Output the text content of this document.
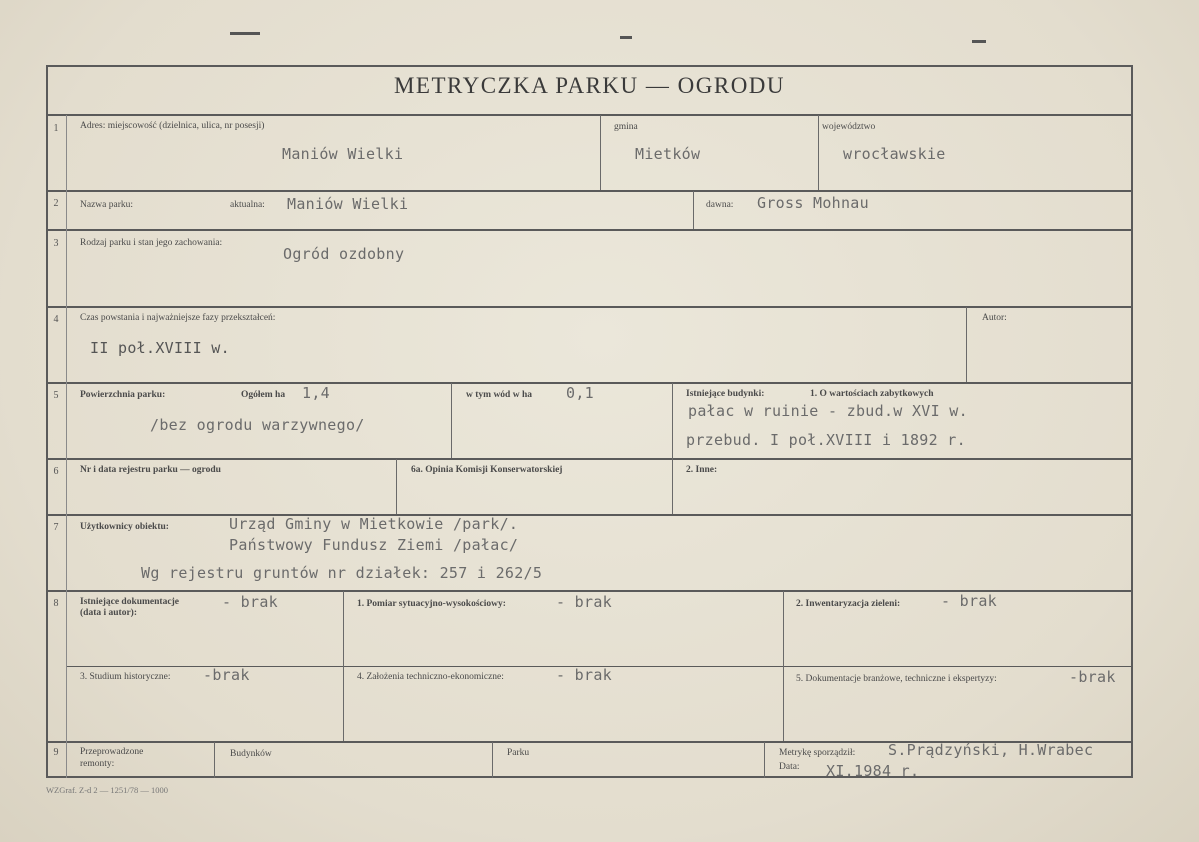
METRYCZKA PARKU — OGRODU
1	Adres: miejscowość (dzielnica, ulica, nr posesji)
Maniów Wielki
gmina
Mietków
województwo
wrocławskie
2	Nazwa parku:	aktualna: Maniów Wielki	dawna: Gross Mohnau
3	Rodzaj parku i stan jego zachowania:
Ogród ozdobny
4	Czas powstania i najważniejsze fazy przekształceń:
II poł.XVIII w.
Autor:
5	Powierzchnia parku:	Ogółem ha 1,4
/bez ogrodu warzywnego/
w tym wód w ha 0,1	Istniejące budynki:	1. O wartościach zabytkowych
pałac w ruinie - zbud.w XVI w.
przebud. I poł.XVIII i 1892 r.
6	Nr i data rejestru parku — ogrodu	6a. Opinia Komisji Konserwatorskiej	2. Inne:
7	Użytkownicy obiektu:	Urząd Gminy w Mietkowie /park/.
Państwowy Fundusz Ziemi /pałac/
Wg rejestru gruntów nr działek: 257 i 262/5
8	Istniejące dokumentacje
(data i autor):
- brak	1. Pomiar sytuacyjno-wysokościowy:	- brak	2. Inwentaryzacja zieleni:	- brak
3. Studium historyczne: -brak	4. Założenia techniczno-ekonomiczne:	- brak	5. Dokumentacje branżowe, techniczne i ekspertyzy:	-brak
9	Przeprowadzone
remonty:
Budynków	Parku	Metrykę sporządził: S.Prądzyński, H.Wrabec
Data: XI.1984 r.
WZGraf. Z-d 2 — 1251/78 — 1000
